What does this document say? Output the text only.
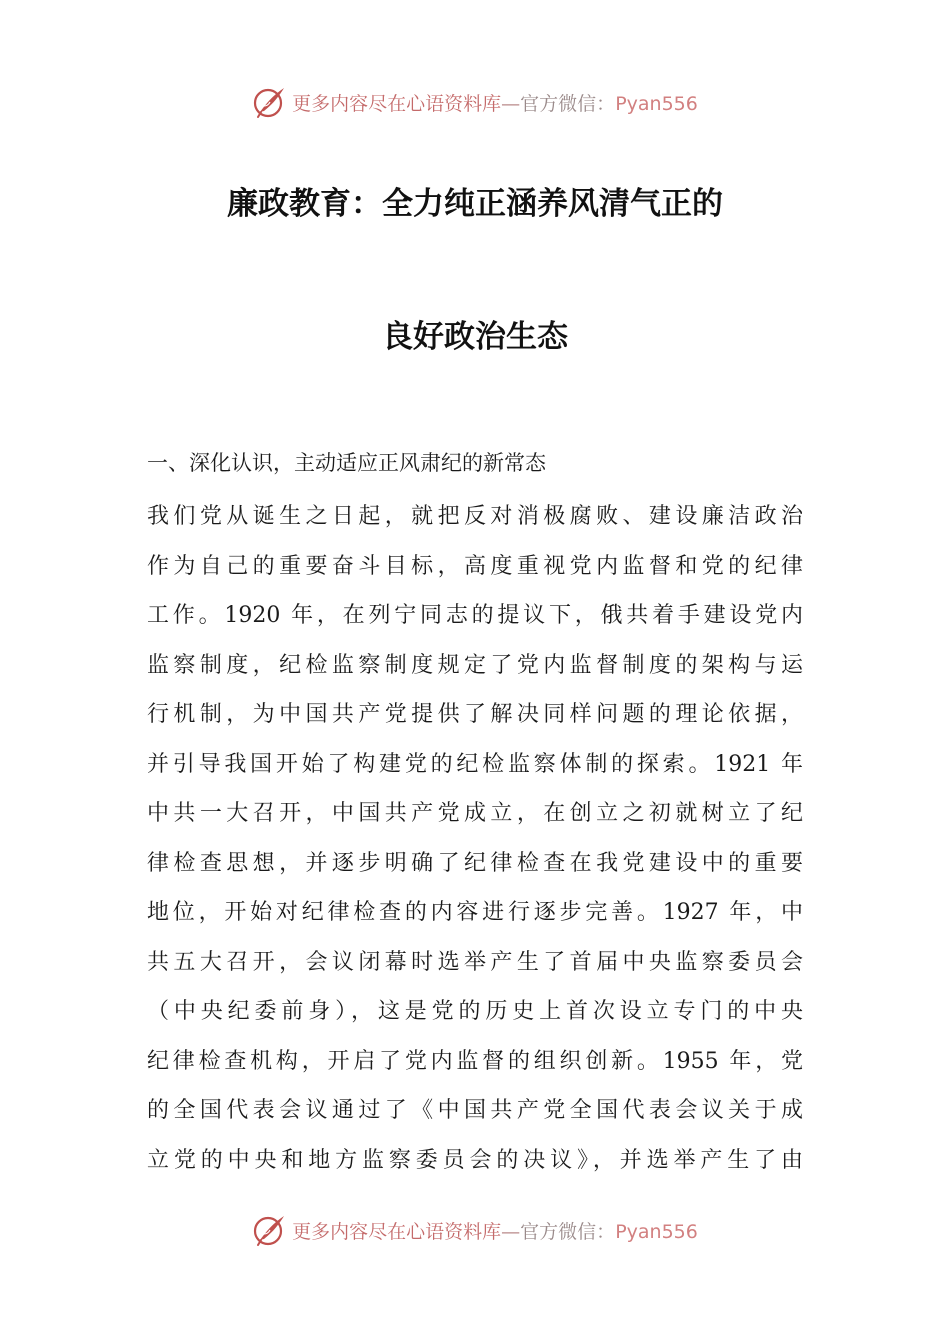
更多内容尽在心语资料库—官方微信：Pyan556
廉政教育：全力纯正涵养风清气正的
良好政治生态
一、深化认识，主动适应正风肃纪的新常态
我们党从诞生之日起，就把反对消极腐败、建设廉洁政治
作为自己的重要奋斗目标，高度重视党内监督和党的纪律
工作。1920 年，在列宁同志的提议下，俄共着手建设党内
监察制度，纪检监察制度规定了党内监督制度的架构与运
行机制，为中国共产党提供了解决同样问题的理论依据，
并引导我国开始了构建党的纪检监察体制的探索。1921 年
中共一大召开，中国共产党成立，在创立之初就树立了纪
律检查思想，并逐步明确了纪律检查在我党建设中的重要
地位，开始对纪律检查的内容进行逐步完善。1927 年，中
共五大召开，会议闭幕时选举产生了首届中央监察委员会
（中央纪委前身），这是党的历史上首次设立专门的中央
纪律检查机构，开启了党内监督的组织创新。1955 年，党
的全国代表会议通过了《中国共产党全国代表会议关于成
立党的中央和地方监察委员会的决议》，并选举产生了由
更多内容尽在心语资料库—官方微信：Pyan556
